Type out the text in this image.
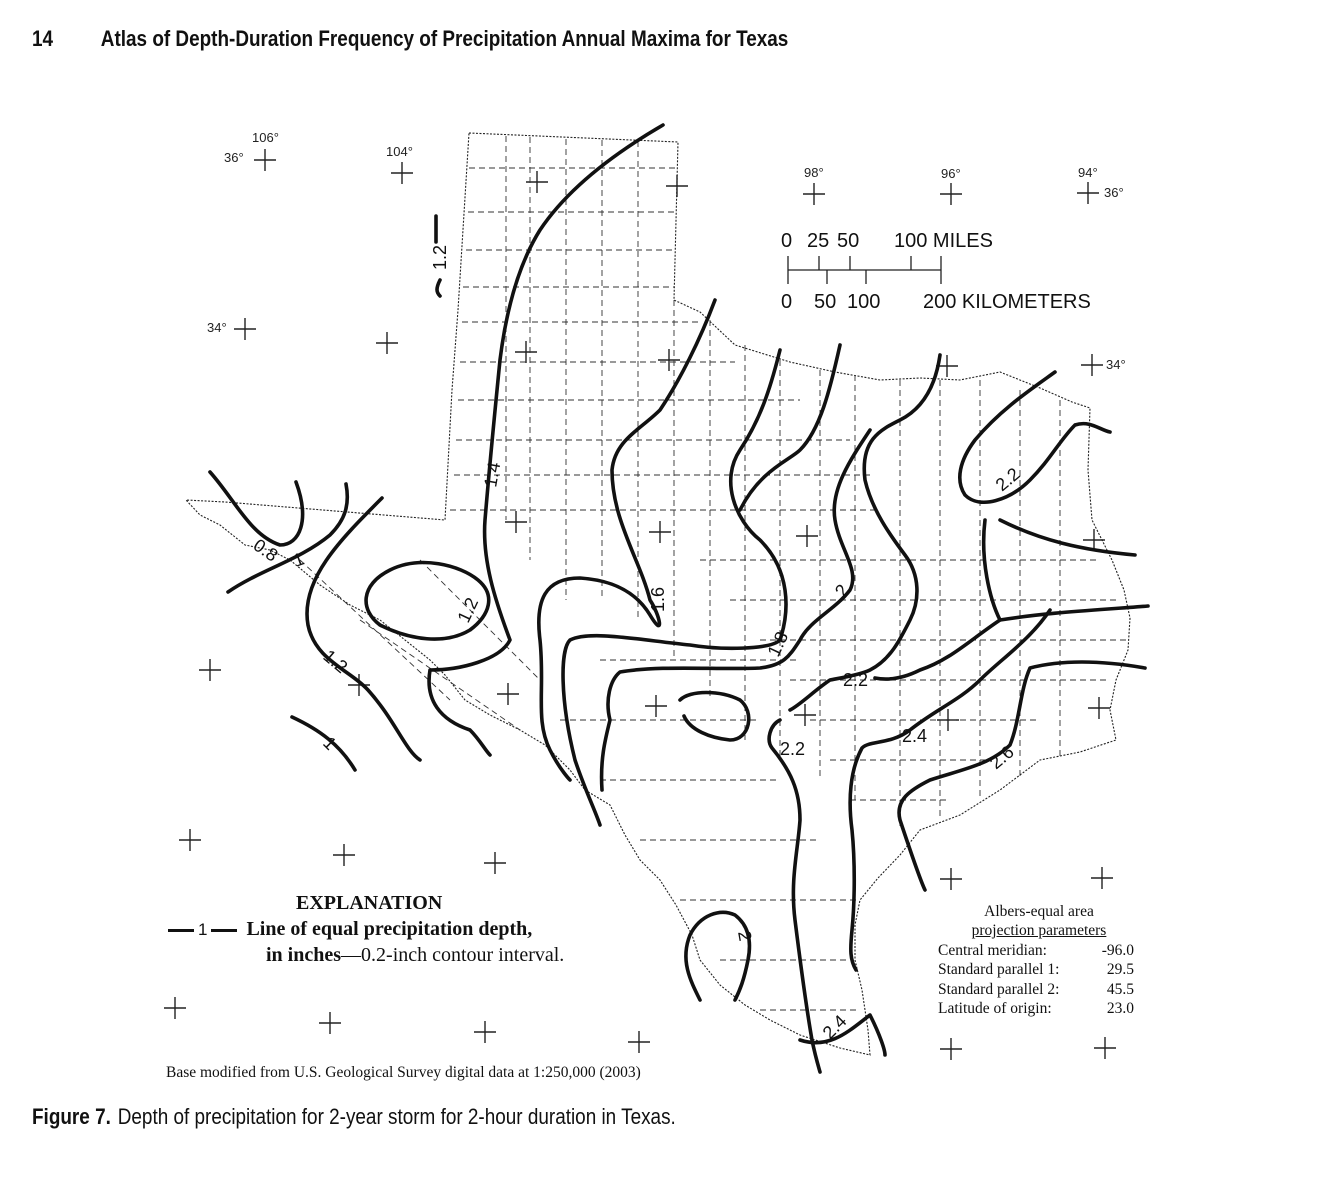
14 Atlas of Depth-Duration Frequency of Precipitation Annual Maxima for Texas
106°
104°
98°	96°	94°
36°
36°
34°
34°
0 25 50 100 MILES
0 50 100 200 KILOMETERS
0.8 1
1.2
1.2
1.2
1
1.4
1.6
1.8
2
2
2.2
2.2
2.2
2.4
2.4
2.6
EXPLANATION
1 Line of equal precipitation depth,
in inches—0.2-inch contour interval.
Albers-equal area
projection parameters
Central meridian:	-96.0
Standard parallel 1:	29.5
Standard parallel 2:	45.5
Latitude of origin:	23.0
Base modified from U.S. Geological Survey digital data at 1:250,000 (2003)
Figure 7. Depth of precipitation for 2-year storm for 2-hour duration in Texas.
